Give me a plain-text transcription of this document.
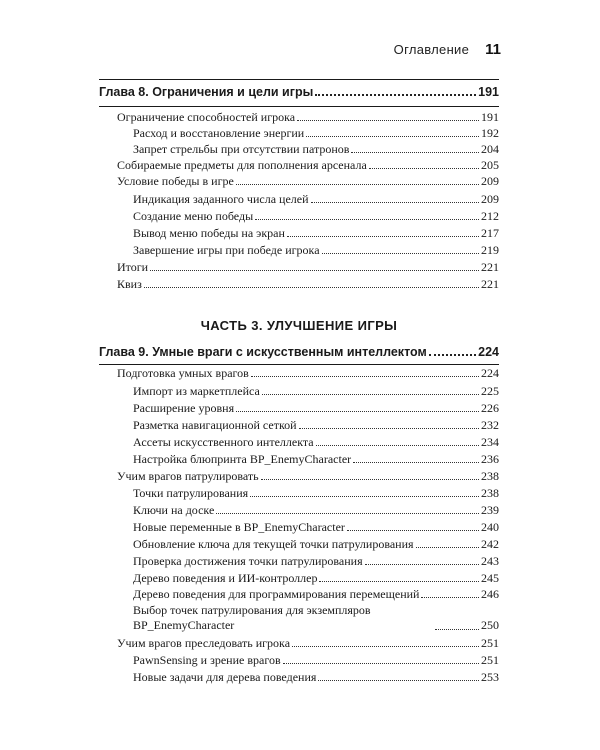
Оглавление 11
Глава 8. Ограничения и цели игры	191
Ограничение способностей игрока	191
Расход и восстановление энергии	192
Запрет стрельбы при отсутствии патронов	204
Собираемые предметы для пополнения арсенала	205
Условие победы в игре	209
Индикация заданного числа целей	209
Создание меню победы	212
Вывод меню победы на экран	217
Завершение игры при победе игрока	219
Итоги	221
Квиз	221
Глава 9. Умные враги с искусственным интеллектом	224
Подготовка умных врагов	224
Импорт из маркетплейса	225
Расширение уровня	226
Разметка навигационной сеткой	232
Ассеты искусственного интеллекта	234
Настройка блюпринта BP_EnemyCharacter	236
Учим врагов патрулировать	238
Точки патрулирования	238
Ключи на доске	239
Новые переменные в BP_EnemyCharacter	240
Обновление ключа для текущей точки патрулирования	242
Проверка достижения точки патрулирования	243
Дерево поведения и ИИ-контроллер	245
Дерево поведения для программирования перемещений	246
Выбор точек патрулирования для экземпляров BP_EnemyCharacter	250
Учим врагов преследовать игрока	251
PawnSensing и зрение врагов	251
Новые задачи для дерева поведения	253
ЧАСТЬ 3. УЛУЧШЕНИЕ ИГРЫ
